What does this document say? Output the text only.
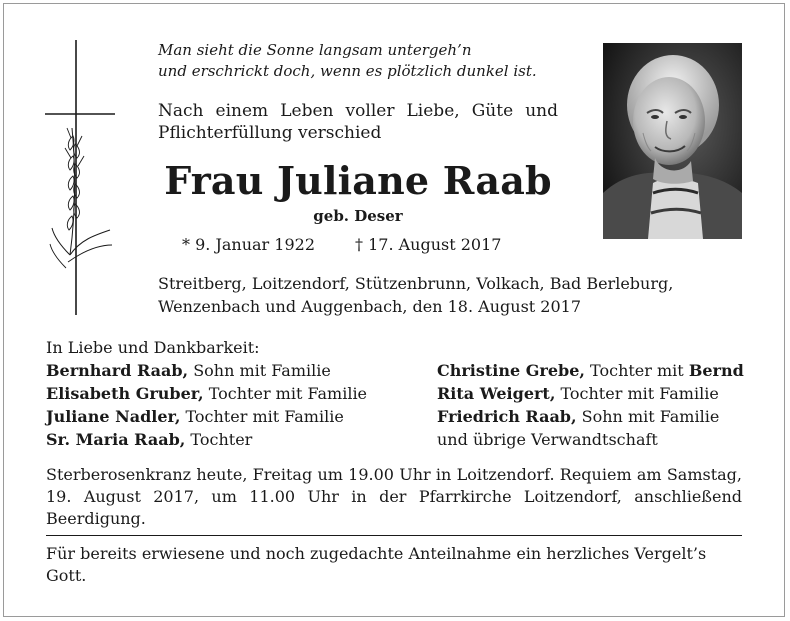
Man sieht die Sonne langsam untergeh’n
und erschrickt doch, wenn es plötzlich dunkel ist.
Nach einem Leben voller Liebe, Güte und Pflichterfüllung verschied
Frau Juliane Raab
geb. Deser
* 9. Januar 1922	† 17. August 2017
Streitberg, Loitzendorf, Stützenbrunn, Volkach, Bad Berleburg,
Wenzenbach und Auggenbach, den 18. August 2017
In Liebe und Dankbarkeit:
Bernhard Raab, Sohn mit Familie
Elisabeth Gruber, Tochter mit Familie
Juliane Nadler, Tochter mit Familie
Sr. Maria Raab, Tochter
Christine Grebe, Tochter mit Bernd
Rita Weigert, Tochter mit Familie
Friedrich Raab, Sohn mit Familie
und übrige Verwandtschaft
Sterberosenkranz heute, Freitag um 19.00 Uhr in Loitzendorf. Requiem am Samstag, 19. August 2017, um 11.00 Uhr in der Pfarrkirche Loitzendorf, anschließend Beerdigung.
Für bereits erwiesene und noch zugedachte Anteilnahme ein herzliches Vergelt’s Gott.
